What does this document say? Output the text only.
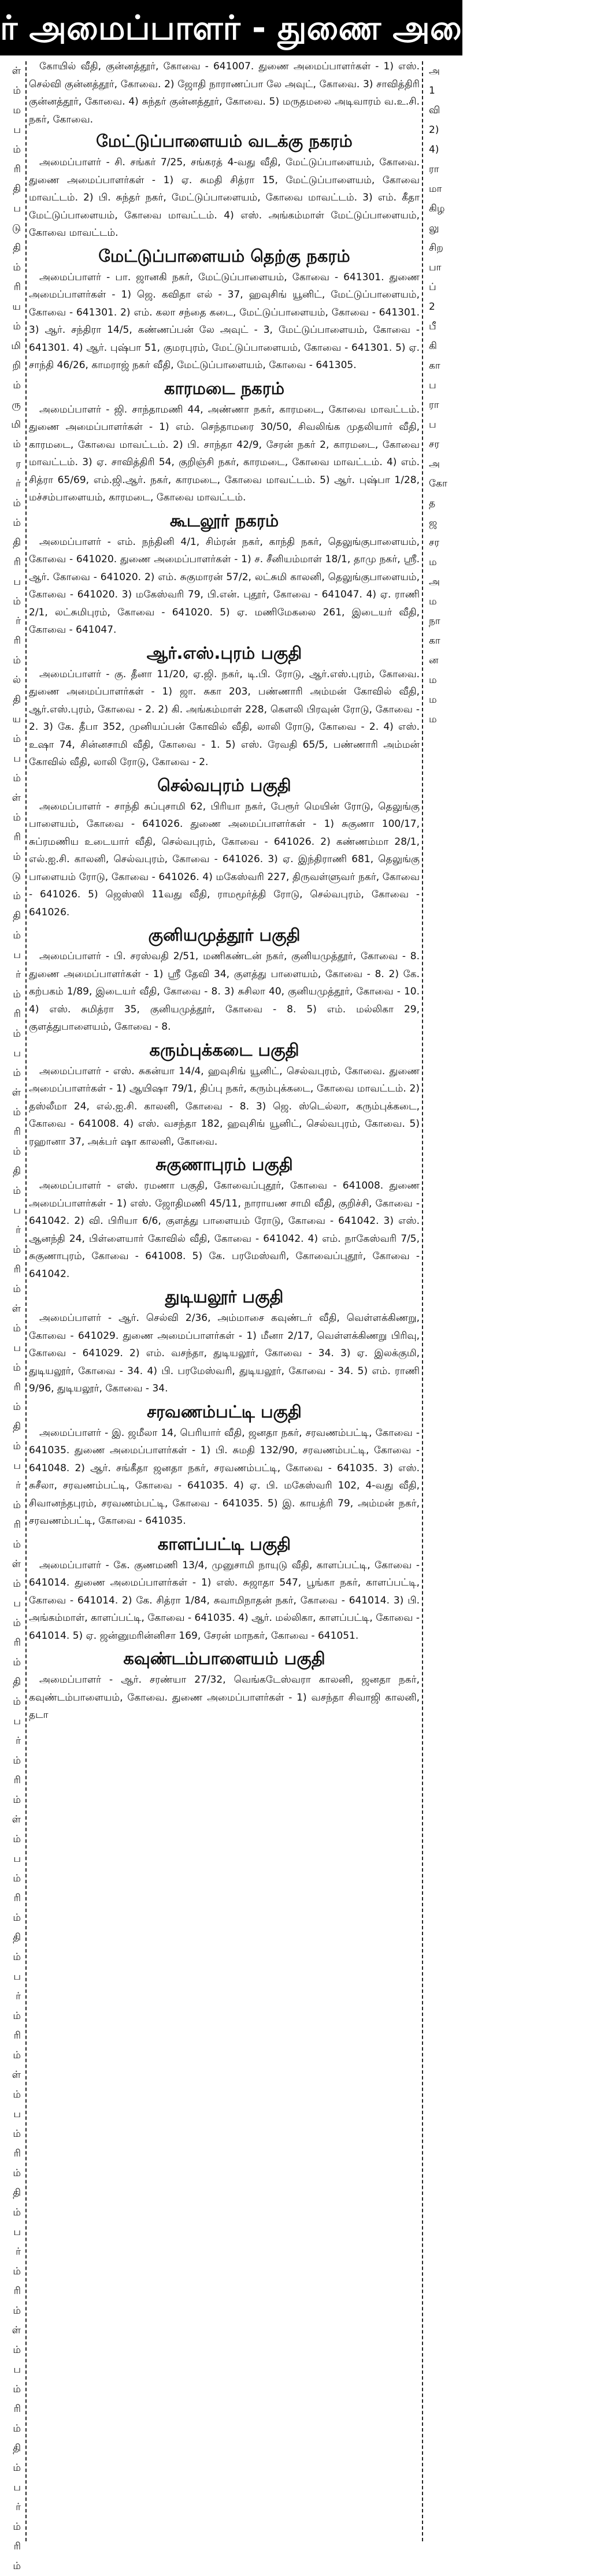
ர் அமைப்பாளர் - துணை அமைப்பாளர்
ள்
ம்
ம
ப
ம்
ரி
தி
ப
டு
தி
ம்
ரி
ய
ம்
மி
றி
ம்
ரு
மி
ம்
ர
ர்
ம்
ம்
தி
ரி
ப
ம்
ர்
ரி
ம்
ல்
தி
ய
ம்
ப
ம்
ள்
ம்
ரி
ம்
டு
ம்
தி
ம்
ப
ர்
ம்
ரி
ம்
ப
ம்
ள்
ம்
ரி
ம்
தி
ம்
ப
ர்
ம்
ரி
ம்
ள்
ம்
ப
ம்
ரி
ம்
தி
ம்
ப
ர்
ம்
ரி
ம்
ள்
ம்
ப
ம்
ரி
ம்
தி
ம்
ப
ர்
ம்
ரி
ம்
ள்
ம்
ப
ம்
ரி
ம்
தி
ம்
ப
ர்
ம்
ரி
ம்
ள்
ம்
ப
ம்
ரி
ம்
தி
ம்
ப
ர்
ம்
ரி
ம்
ள்
ம்
ப
ம்
ரி
ம்
தி
ம்
ப
ர்
ம்
ரி
ம்

கோயில் வீதி, குன்னத்தூர், கோவை - 641007. துணை அமைப்பாளர்கள் - 1) எஸ். செல்வி குன்னத்தூர், கோவை. 2) ஜோதி நாராணப்பா லே அவுட், கோவை. 3) சாவித்திரி குன்னத்தூர், கோவை. 4) சுந்தர் குன்னத்தூர், கோவை. 5) மருதமலை அடிவாரம் வ.உ.சி. நகர், கோவை.

மேட்டுப்பாளையம் வடக்கு நகரம்

அமைப்பாளர் - சி. சங்கர் 7/25, சங்கரத் 4-வது வீதி, மேட்டுப்பாளையம், கோவை. துணை அமைப்பாளர்கள் - 1) ஏ. சுமதி சித்ரா 15, மேட்டுப்பாளையம், கோவை மாவட்டம். 2) பி. சுந்தர் நகர், மேட்டுப்பாளையம், கோவை மாவட்டம். 3) எம். கீதா மேட்டுப்பாளையம், கோவை மாவட்டம். 4) எஸ். அங்கம்மாள் மேட்டுப்பாளையம், கோவை மாவட்டம்.

மேட்டுப்பாளையம் தெற்கு நகரம்

அமைப்பாளர் - பா. ஜானகி நகர், மேட்டுப்பாளையம், கோவை - 641301. துணை அமைப்பாளர்கள் - 1) ஜெ. கவிதா எல் - 37, ஹவுசிங் யூனிட், மேட்டுப்பாளையம், கோவை - 641301. 2) எம். கலா சந்தை கடை, மேட்டுப்பாளையம், கோவை - 641301. 3) ஆர். சந்திரா 14/5, கண்ணப்பன் லே அவுட் - 3, மேட்டுப்பாளையம், கோவை - 641301. 4) ஆர். புஷ்பா 51, குமரபுரம், மேட்டுப்பாளையம், கோவை - 641301. 5) ஏ. சாந்தி 46/26, காமராஜ் நகர் வீதி, மேட்டுப்பாளையம், கோவை - 641305.

காரமடை நகரம்

அமைப்பாளர் - ஜி. சாந்தாமணி 44, அண்ணா நகர், காரமடை, கோவை மாவட்டம். துணை அமைப்பாளர்கள் - 1) எம். செந்தாமரை 30/50, சிவலிங்க முதலியார் வீதி, காரமடை, கோவை மாவட்டம். 2) பி. சாந்தா 42/9, சேரன் நகர் 2, காரமடை, கோவை மாவட்டம். 3) ஏ. சாவித்திரி 54, குறிஞ்சி நகர், காரமடை, கோவை மாவட்டம். 4) எம். சித்ரா 65/69, எம்.ஜி.ஆர். நகர், காரமடை, கோவை மாவட்டம். 5) ஆர். புஷ்பா 1/28, மச்சம்பாளையம், காரமடை, கோவை மாவட்டம்.

கூடலூர் நகரம்

அமைப்பாளர் - எம். நந்தினி 4/1, சிம்ரன் நகர், காந்தி நகர், தெலுங்குபாளையம், கோவை - 641020. துணை அமைப்பாளர்கள் - 1) ச. சீனியம்மாள் 18/1, தாமு நகர், ஸ்ரீ. ஆர். கோவை - 641020. 2) எம். சுகுமாரன் 57/2, லட்சுமி காலனி, தெலுங்குபாளையம், கோவை - 641020. 3) மகேஸ்வரி 79, பி.என். புதூர், கோவை - 641047. 4) ஏ. ராணி 2/1, லட்சுமிபுரம், கோவை - 641020. 5) ஏ. மணிமேகலை 261, இடையர் வீதி, கோவை - 641047.

ஆர்.எஸ்.புரம் பகுதி

அமைப்பாளர் - கு. தீனா 11/20, ஏ.ஜி. நகர், டி.பி. ரோடு, ஆர்.எஸ்.புரம், கோவை. துணை அமைப்பாளர்கள் - 1) ஜா. சுகா 203, பண்ணாரி அம்மன் கோவில் வீதி, ஆர்.எஸ்.புரம், கோவை - 2. 2) கி. அங்கம்மாள் 228, கௌலி பிரவுன் ரோடு, கோவை - 2. 3) கே. தீபா 352, முனியப்பன் கோவில் வீதி, லாலி ரோடு, கோவை - 2. 4) எஸ். உஷா 74, சின்னசாமி வீதி, கோவை - 1. 5) எஸ். ரேவதி 65/5, பண்ணாரி அம்மன் கோவில் வீதி, லாலி ரோடு, கோவை - 2.

செல்வபுரம் பகுதி

அமைப்பாளர் - சாந்தி சுப்புசாமி 62, பிரியா நகர், பேரூர் மெயின் ரோடு, தெலுங்கு பாளையம், கோவை - 641026. துணை அமைப்பாளர்கள் - 1) சுகுணா 100/17, சுப்ரமணிய உடையார் வீதி, செல்வபுரம், கோவை - 641026. 2) கண்ணம்மா 28/1, எல்.ஐ.சி. காலனி, செல்வபுரம், கோவை - 641026. 3) ஏ. இந்திராணி 681, தெலுங்கு பாளையம் ரோடு, கோவை - 641026. 4) மகேஸ்வரி 227, திருவள்ளுவர் நகர், கோவை - 641026. 5) ஜெஸ்ஸி 11வது வீதி, ராமமூர்த்தி ரோடு, செல்வபுரம், கோவை - 641026.

குனியமுத்தூர் பகுதி

அமைப்பாளர் - பி. சரஸ்வதி 2/51, மணிகண்டன் நகர், குனியமுத்தூர், கோவை - 8. துணை அமைப்பாளர்கள் - 1) ஸ்ரீ தேவி 34, குளத்து பாளையம், கோவை - 8. 2) கே. கற்பகம் 1/89, இடையர் வீதி, கோவை - 8. 3) சுசிலா 40, குனியமுத்தூர், கோவை - 10. 4) எஸ். சுமித்ரா 35, குனியமுத்தூர், கோவை - 8. 5) எம். மல்லிகா 29, குளத்துபாளையம், கோவை - 8.

கரும்புக்கடை பகுதி

அமைப்பாளர் - எஸ். சுகன்யா 14/4, ஹவுசிங் யூனிட், செல்வபுரம், கோவை. துணை அமைப்பாளர்கள் - 1) ஆயிஷா 79/1, திப்பு நகர், கரும்புக்கடை, கோவை மாவட்டம். 2) தஸ்லீமா 24, எல்.ஐ.சி. காலனி, கோவை - 8. 3) ஜெ. ஸ்டெல்லா, கரும்புக்கடை, கோவை - 641008. 4) எஸ். வசந்தா 182, ஹவுசிங் யூனிட், செல்வபுரம், கோவை. 5) ரஹானா 37, அக்பர் ஷா காலனி, கோவை.

சுகுணாபுரம் பகுதி

அமைப்பாளர் - எஸ். ரமணா பகுதி, கோவைப்புதூர், கோவை - 641008. துணை அமைப்பாளர்கள் - 1) எஸ். ஜோதிமணி 45/11, நாராயண சாமி வீதி, குறிச்சி, கோவை - 641042. 2) வி. பிரியா 6/6, குளத்து பாளையம் ரோடு, கோவை - 641042. 3) எஸ். ஆனந்தி 24, பிள்ளையார் கோவில் வீதி, கோவை - 641042. 4) எம். நாகேஸ்வரி 7/5, சுகுணாபுரம், கோவை - 641008. 5) கே. பரமேஸ்வரி, கோவைப்புதூர், கோவை - 641042.

துடியலூர் பகுதி

அமைப்பாளர் - ஆர். செல்வி 2/36, அம்மாசை கவுண்டர் வீதி, வெள்ளக்கிணறு, கோவை - 641029. துணை அமைப்பாளர்கள் - 1) மீனா 2/17, வெள்ளக்கிணறு பிரிவு, கோவை - 641029. 2) எம். வசந்தா, துடியலூர், கோவை - 34. 3) ஏ. இலக்குமி, துடியலூர், கோவை - 34. 4) பி. பரமேஸ்வரி, துடியலூர், கோவை - 34. 5) எம். ராணி 9/96, துடியலூர், கோவை - 34.

சரவணம்பட்டி பகுதி

அமைப்பாளர் - இ. ஜமீலா 14, பெரியார் வீதி, ஜனதா நகர், சரவணம்பட்டி, கோவை - 641035. துணை அமைப்பாளர்கள் - 1) பி. சுமதி 132/90, சரவணம்பட்டி, கோவை - 641048. 2) ஆர். சங்கீதா ஜனதா நகர், சரவணம்பட்டி, கோவை - 641035. 3) எஸ். சுசீலா, சரவணம்பட்டி, கோவை - 641035. 4) ஏ. பி. மகேஸ்வரி 102, 4-வது வீதி, சிவானந்தபுரம், சரவணம்பட்டி, கோவை - 641035. 5) இ. காயத்ரி 79, அம்மன் நகர், சரவணம்பட்டி, கோவை - 641035.

காளப்பட்டி பகுதி

அமைப்பாளர் - கே. குணமணி 13/4, முனுசாமி நாயுடு வீதி, காளப்பட்டி, கோவை - 641014. துணை அமைப்பாளர்கள் - 1) எஸ். சுஜாதா 547, பூங்கா நகர், காளப்பட்டி, கோவை - 641014. 2) கே. சித்ரா 1/84, சுவாமிநாதன் நகர், கோவை - 641014. 3) பி. அங்கம்மாள், காளப்பட்டி, கோவை - 641035. 4) ஆர். மல்லிகா, காளப்பட்டி, கோவை - 641014. 5) ஏ. ஜன்னுமரின்னிசா 169, சேரன் மாநகர், கோவை - 641051.

கவுண்டம்பாளையம் பகுதி

அமைப்பாளர் - ஆர். சரண்யா 27/32, வெங்கடேஸ்வரா காலனி, ஜனதா நகர், கவுண்டம்பாளையம், கோவை. துணை அமைப்பாளர்கள் - 1) வசந்தா சிவாஜி காலனி, தடா

அ
1
வி
2)
4)
ரா
மா
கிழ
லு
சிற
பா
ப்
2
பீ
கி
கா
ப
ரா
ப
சர
அ
கோ
த
ஜ
சர
ம
அ
ம
நா
கா
ன
ம
ம
ம
